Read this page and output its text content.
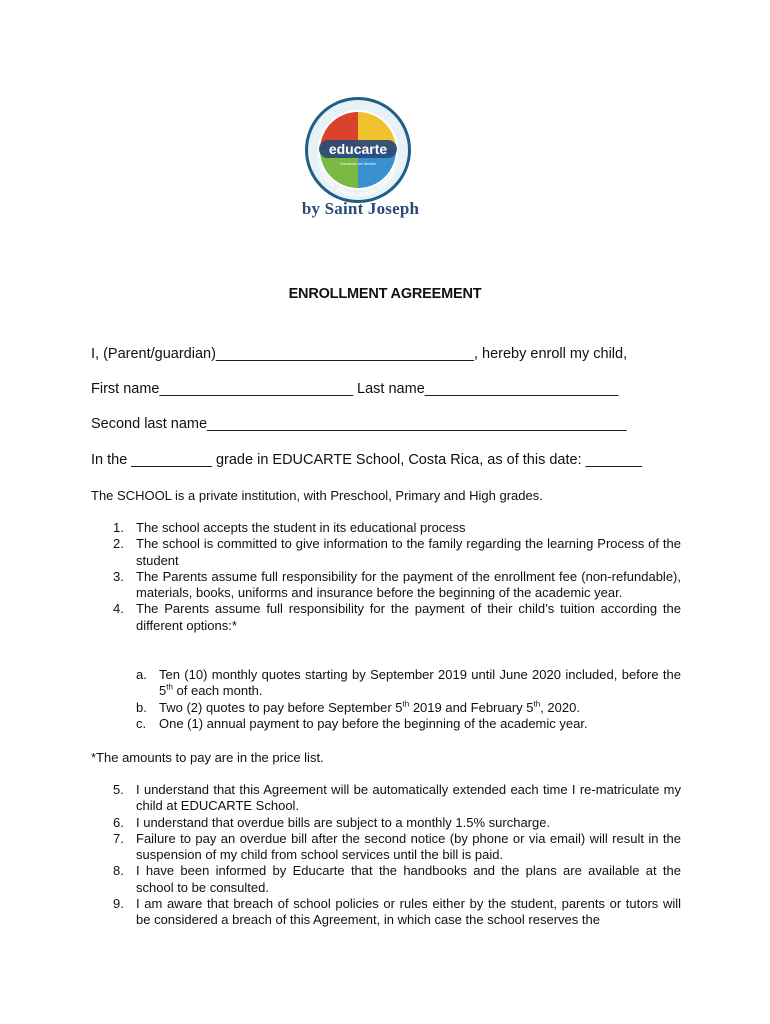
educarte
Formando con Sentido
PRESCHOOL · PRIMARY SCHOOL · HIGHSCHOOL
by Saint Joseph
ENROLLMENT AGREEMENT
I, (Parent/guardian)________________________________, hereby enroll my child,
First name________________________ Last name________________________
Second last name____________________________________________________
In the __________ grade in EDUCARTE School, Costa Rica, as of this date: _______
The SCHOOL is a private institution, with Preschool, Primary and High grades.
1. The school accepts the student in its educational process
2. The school is committed to give information to the family regarding the learning Process of the student
3. The Parents assume full responsibility for the payment of the enrollment fee (non-refundable), materials, books, uniforms and insurance before the beginning of the academic year.
4. The Parents assume full responsibility for the payment of their child’s tuition according the different options:*
a. Ten (10) monthly quotes starting by September 2019 until June 2020 included, before the 5th of each month.
b. Two (2) quotes to pay before September 5th 2019 and February 5th, 2020.
c. One (1) annual payment to pay before the beginning of the academic year.
*The amounts to pay are in the price list.
5. I understand that this Agreement will be automatically extended each time I re-matriculate my child at EDUCARTE School.
6. I understand that overdue bills are subject to a monthly 1.5% surcharge.
7. Failure to pay an overdue bill after the second notice (by phone or via email) will result in the suspension of my child from school services until the bill is paid.
8. I have been informed by Educarte that the handbooks and the plans are available at the school to be consulted.
9. I am aware that breach of school policies or rules either by the student, parents or tutors will be considered a breach of this Agreement, in which case the school reserves the
